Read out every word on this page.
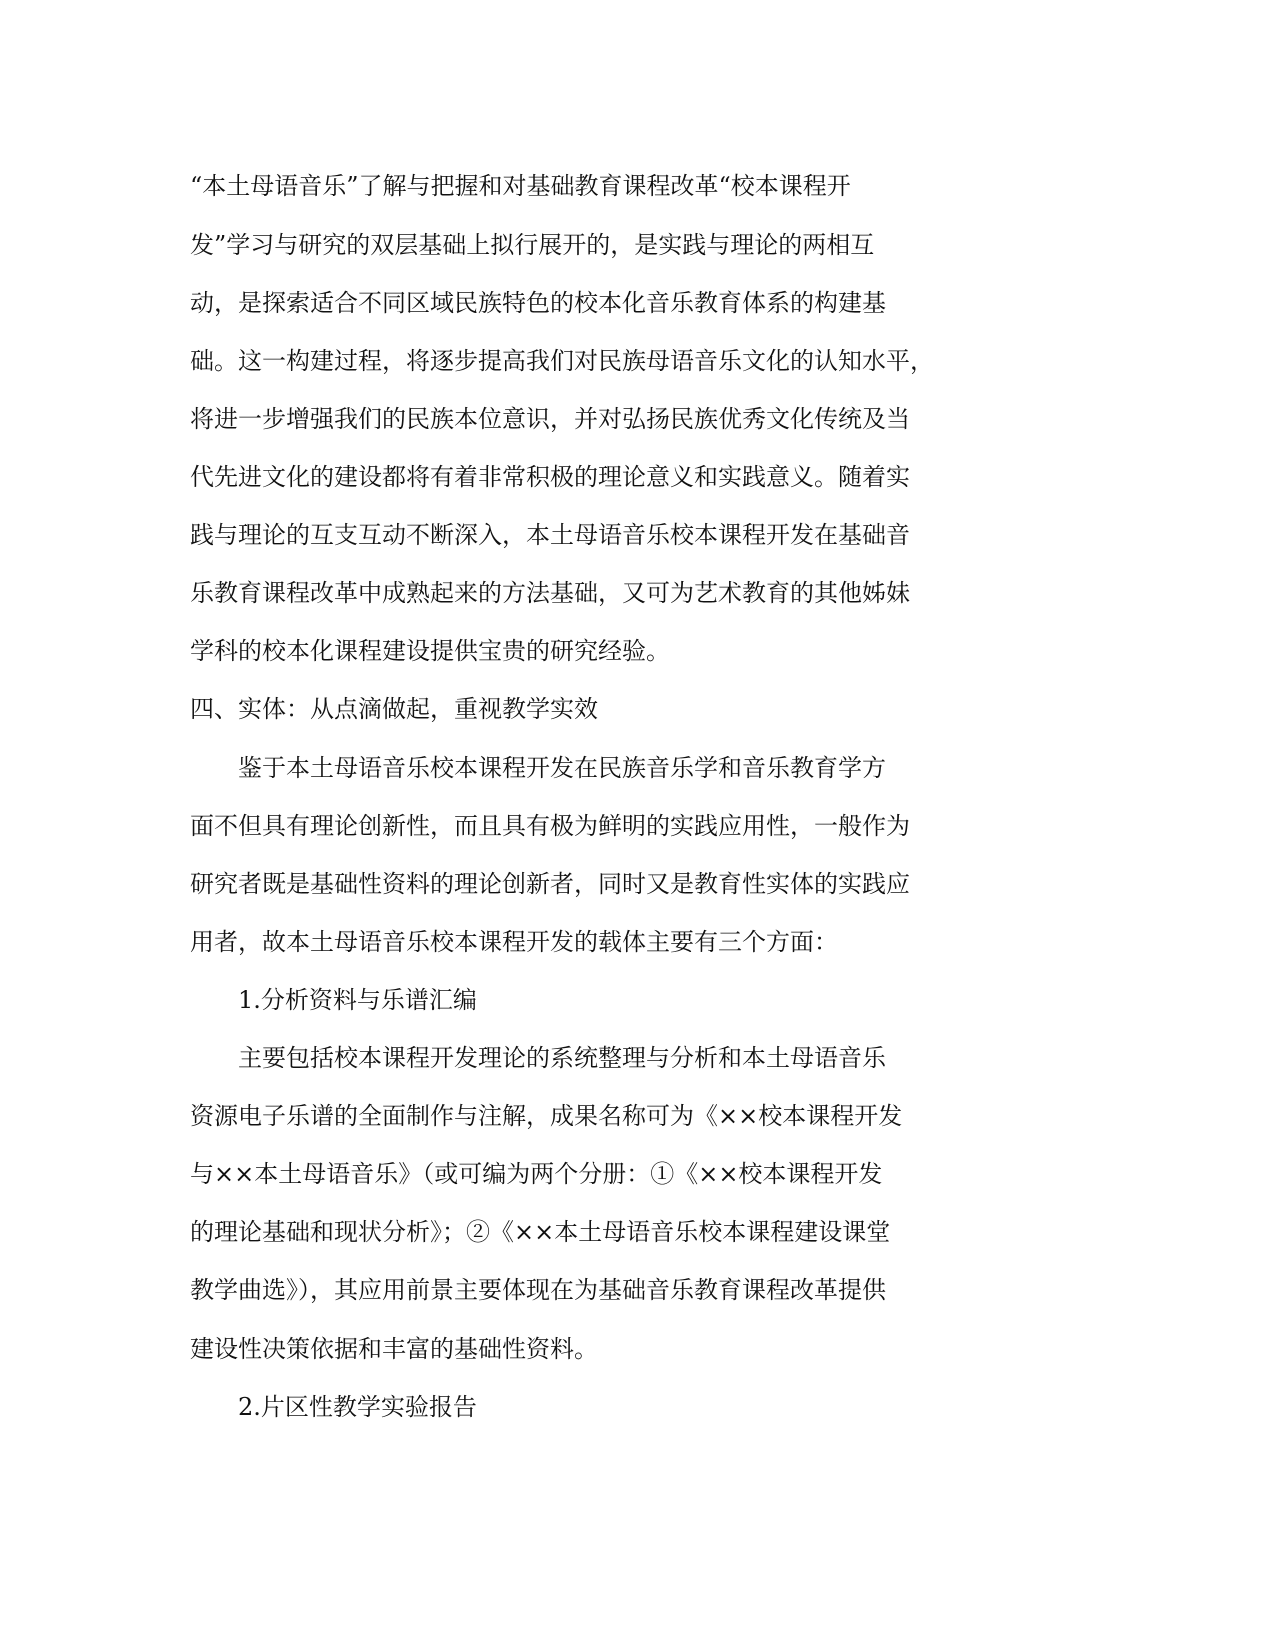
“本土母语音乐”了解与把握和对基础教育课程改革“校本课程开
发”学习与研究的双层基础上拟行展开的，是实践与理论的两相互
动，是探索适合不同区域民族特色的校本化音乐教育体系的构建基
础。这一构建过程，将逐步提高我们对民族母语音乐文化的认知水平，
将进一步增强我们的民族本位意识，并对弘扬民族优秀文化传统及当
代先进文化的建设都将有着非常积极的理论意义和实践意义。随着实
践与理论的互支互动不断深入，本土母语音乐校本课程开发在基础音
乐教育课程改革中成熟起来的方法基础，又可为艺术教育的其他姊妹
学科的校本化课程建设提供宝贵的研究经验。
四、实体：从点滴做起，重视教学实效
鉴于本土母语音乐校本课程开发在民族音乐学和音乐教育学方
面不但具有理论创新性，而且具有极为鲜明的实践应用性，一般作为
研究者既是基础性资料的理论创新者，同时又是教育性实体的实践应
用者，故本土母语音乐校本课程开发的载体主要有三个方面：
1.分析资料与乐谱汇编
主要包括校本课程开发理论的系统整理与分析和本土母语音乐
资源电子乐谱的全面制作与注解，成果名称可为《××校本课程开发
与××本土母语音乐》（或可编为两个分册：①《××校本课程开发
的理论基础和现状分析》；②《××本土母语音乐校本课程建设课堂
教学曲选》），其应用前景主要体现在为基础音乐教育课程改革提供
建设性决策依据和丰富的基础性资料。
2.片区性教学实验报告
